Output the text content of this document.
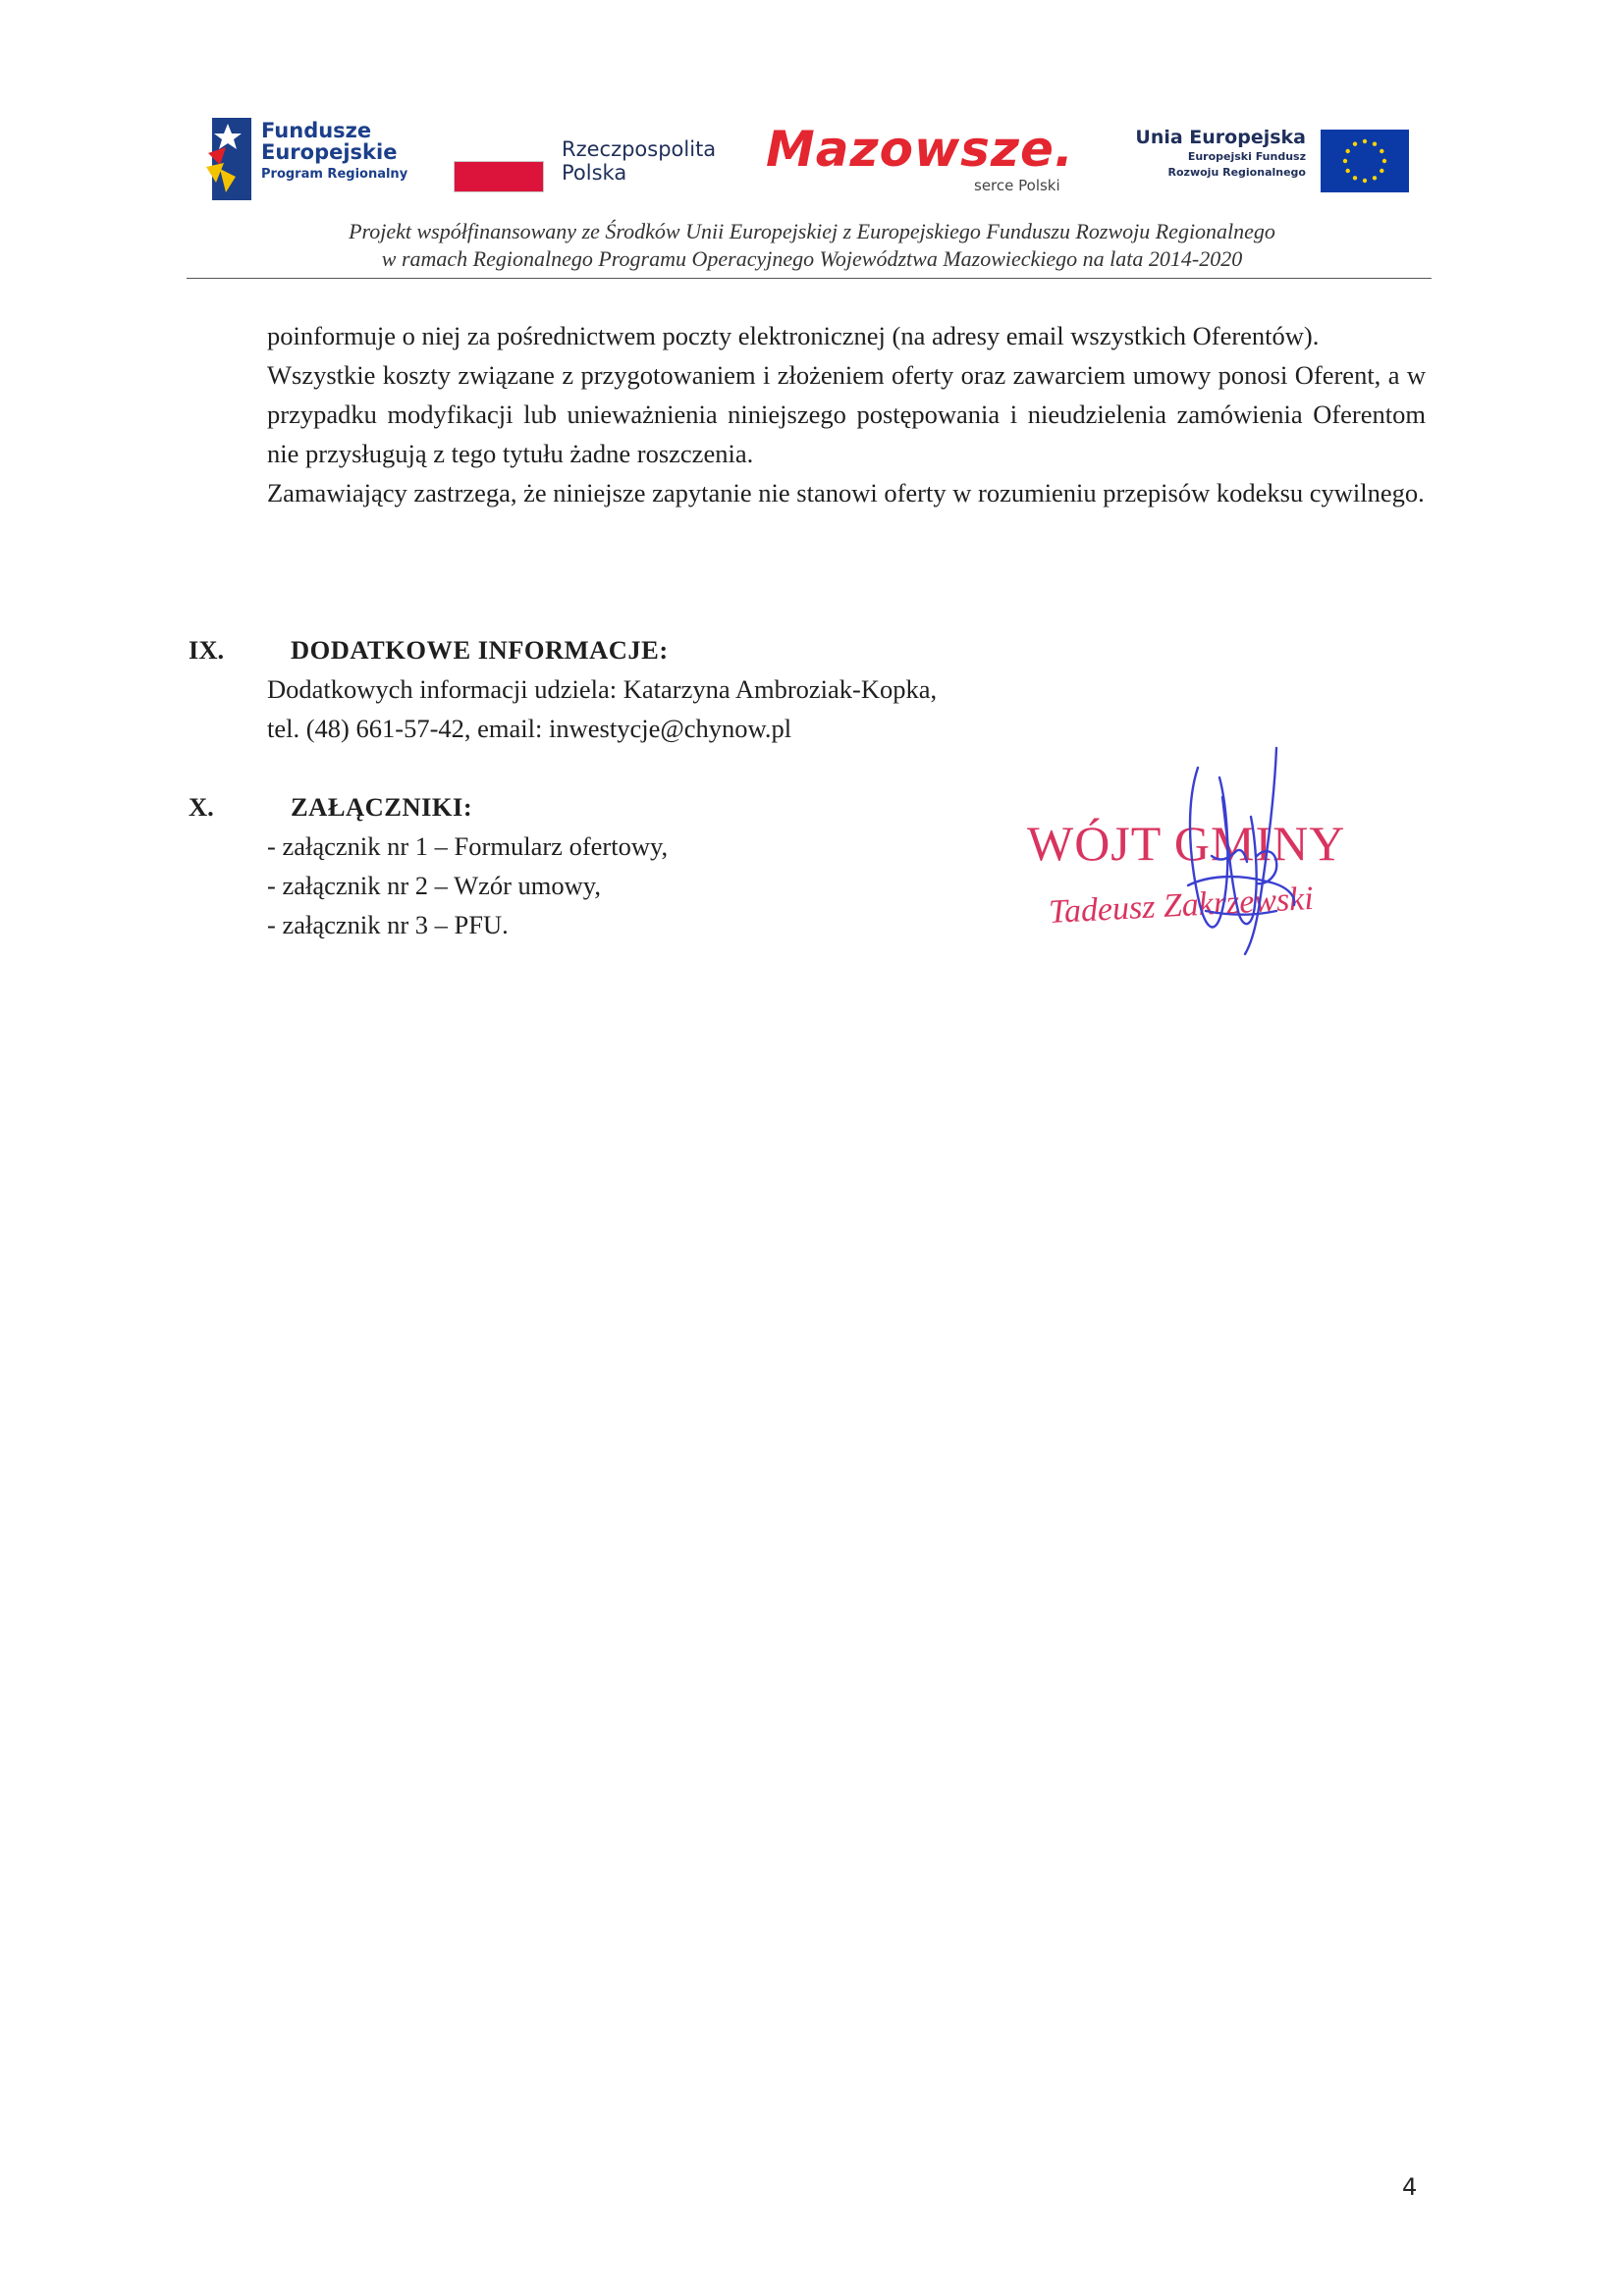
Fundusze
Europejskie
Program Regionalny
Rzeczpospolita
Polska	Mazowsze.
serce Polski
Unia Europejska
Europejski Fundusz
Rozwoju Regionalnego
Projekt współfinansowany ze Środków Unii Europejskiej z Europejskiego Funduszu Rozwoju Regionalnego
w ramach Regionalnego Programu Operacyjnego Województwa Mazowieckiego na lata 2014-2020

poinformuje o niej za pośrednictwem poczty elektronicznej (na adresy email wszystkich Oferentów).

Wszystkie koszty związane z przygotowaniem i złożeniem oferty oraz zawarciem umowy ponosi Oferent, a w przypadku modyfikacji lub unieważnienia niniejszego postępowania i nieudzielenia zamówienia Oferentom nie przysługują z tego tytułu żadne roszczenia.

Zamawiający zastrzega, że niniejsze zapytanie nie stanowi oferty w rozumieniu przepisów kodeksu cywilnego.

IX.	DODATKOWE INFORMACJE:
Dodatkowych informacji udziela: Katarzyna Ambroziak-Kopka,
tel. (48) 661-57-42, email: inwestycje@chynow.pl
X.	ZAŁĄCZNIKI:
- załącznik nr 1 – Formularz ofertowy,
- załącznik nr 2 – Wzór umowy,
- załącznik nr 3 – PFU.
WÓJT GMINY
Tadeusz Zakrzewski
4
